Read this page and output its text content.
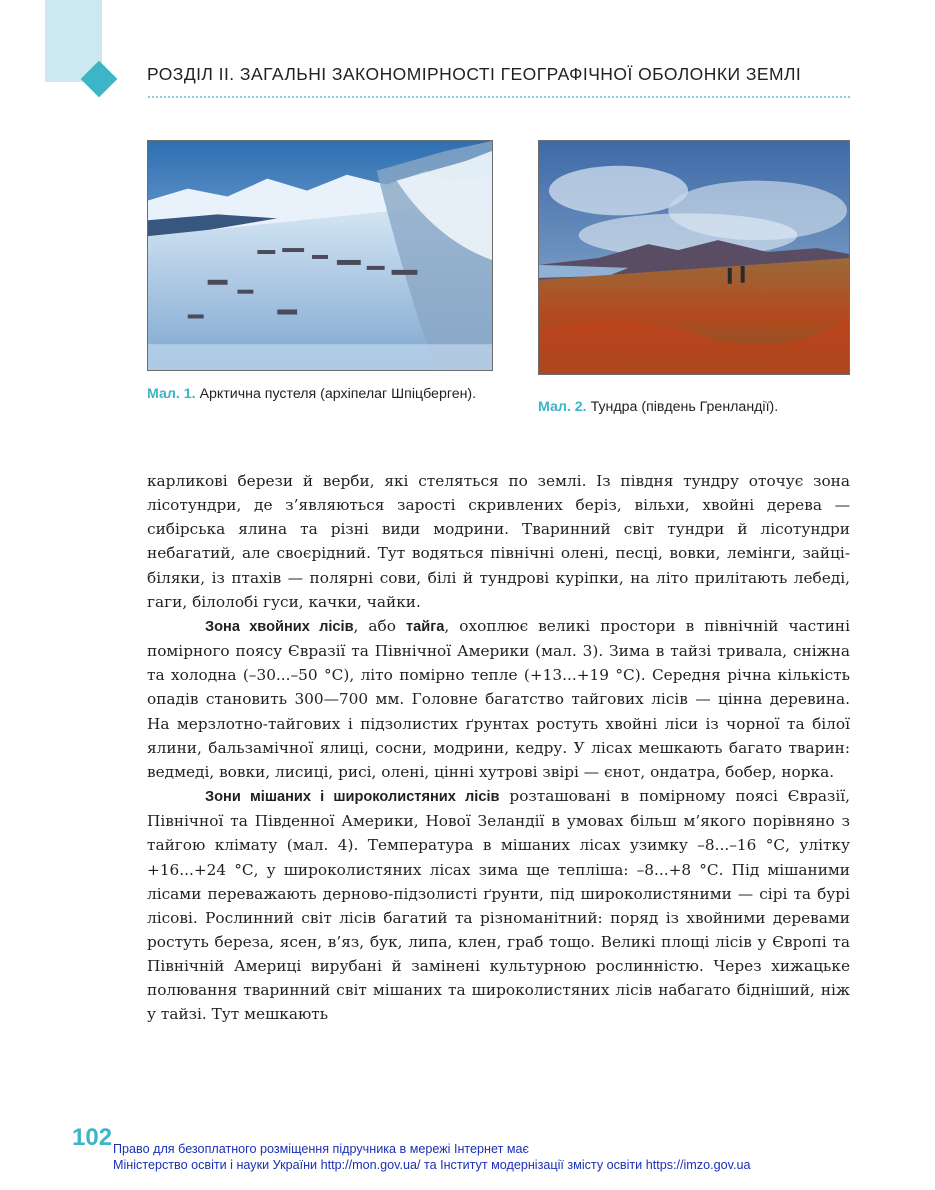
РОЗДІЛ ІІ. ЗАГАЛЬНІ ЗАКОНОМІРНОСТІ ГЕОГРАФІЧНОЇ ОБОЛОНКИ ЗЕМЛІ
Мал. 1. Арктична пустеля (архіпелаг Шпіцберген).
Мал. 2. Тундра (південь Гренландії).

карликові берези й верби, які стеляться по землі. Із півдня тундру оточує зона лісотундри, де з’являються зарості скривлених беріз, вільхи, хвойні дерева — сибірська ялина та різні види модрини. Тваринний світ тундри й лісотундри небагатий, але своєрідний. Тут водяться північні олені, песці, вовки, лемінги, зайці-біляки, із птахів — полярні сови, білі й тундрові куріпки, на літо прилітають лебеді, гаги, білолобі гуси, качки, чайки.

Зона хвойних лісів, або тайга, охоплює великі простори в північній частині помірного поясу Євразії та Північної Америки (мал. 3). Зима в тайзі тривала, сніжна та холодна (–30...–50 °С), літо помірно тепле (+13...+19 °С). Середня річна кількість опадів становить 300—700 мм. Головне багатство тайгових лісів — цінна деревина. На мерзлотно-тайгових і підзолистих ґрунтах ростуть хвойні ліси із чорної та білої ялини, бальзамічної ялиці, сосни, модрини, кедру. У лісах мешкають багато тварин: ведмеді, вовки, лисиці, рисі, олені, цінні хутрові звірі — єнот, ондатра, бобер, норка.

Зони мішаних і широколистяних лісів розташовані в помірному поясі Євразії, Північної та Південної Америки, Нової Зеландії в умовах більш м’якого порівняно з тайгою клімату (мал. 4). Температура в мішаних лісах узимку –8...–16 °С, улітку +16...+24 °С, у широколистяних лісах зима ще тепліша: –8...+8 °С. Під мішаними лісами переважають дерново-підзолисті ґрунти, під широколистяними — сірі та бурі лісові. Рослинний світ лісів багатий та різноманітний: поряд із хвойними деревами ростуть береза, ясен, в’яз, бук, липа, клен, граб тощо. Великі площі лісів у Європі та Північній Америці вирубані й замінені культурною рослинністю. Через хижацьке полювання тваринний світ мішаних та широколистяних лісів набагато бідніший, ніж у тайзі. Тут мешкають

102 Право для безоплатного розміщення підручника в мережі Інтернет має
Міністерство освіти і науки України http://mon.gov.ua/ та Інститут модернізації змісту освіти https://imzo.gov.ua
